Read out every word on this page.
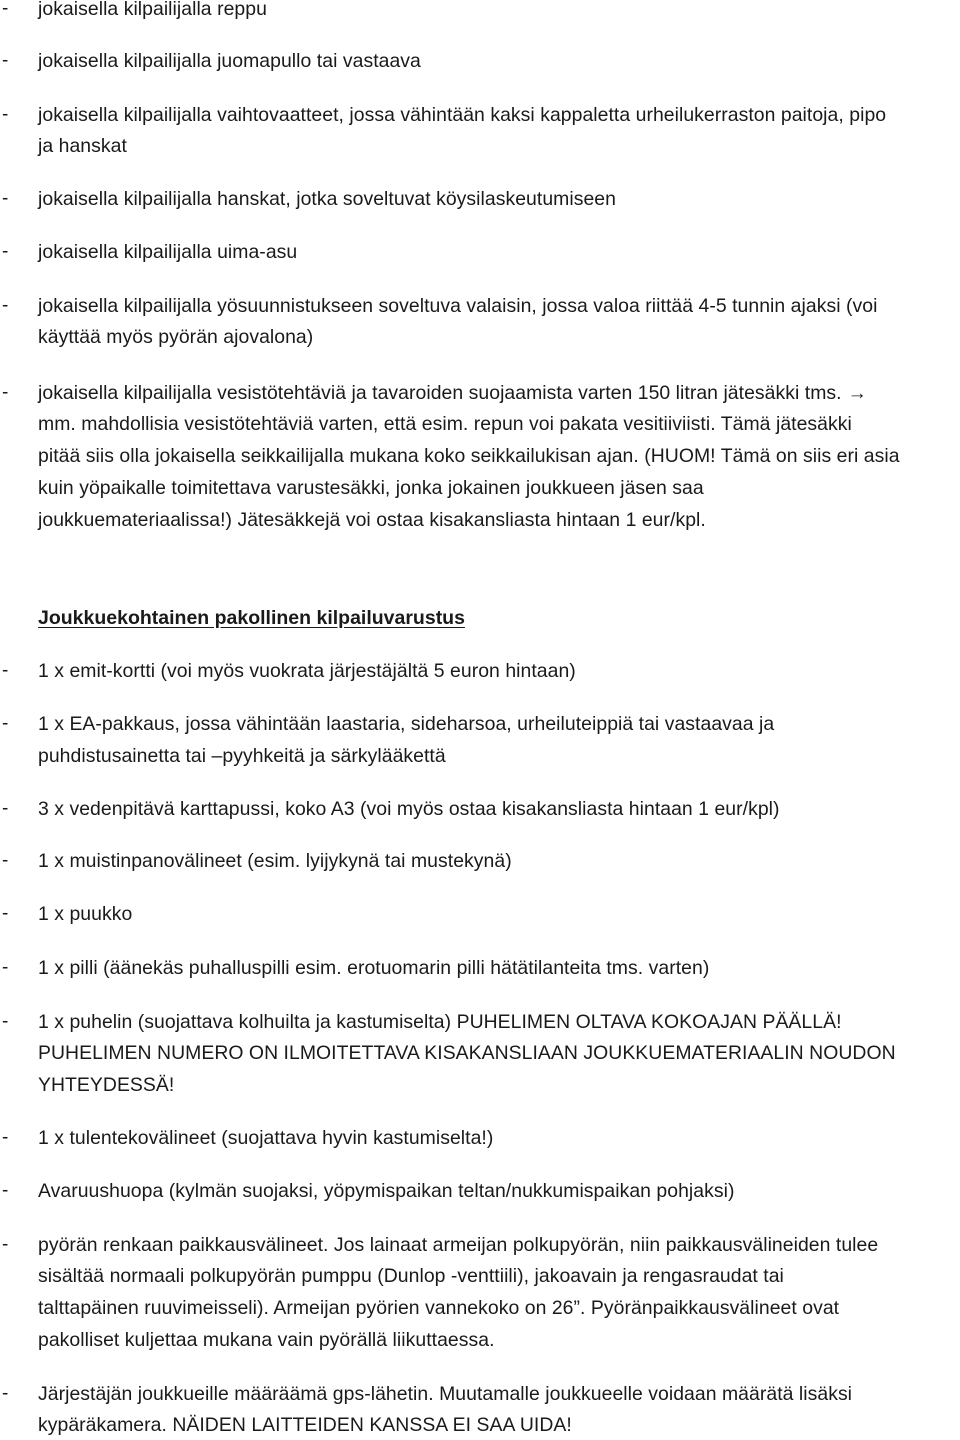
- jokaisella kilpailijalla reppu
- jokaisella kilpailijalla juomapullo tai vastaava
- jokaisella kilpailijalla vaihtovaatteet, jossa vähintään kaksi kappaletta urheilukerraston paitoja, pipo
ja hanskat
- jokaisella kilpailijalla hanskat, jotka soveltuvat köysilaskeutumiseen
- jokaisella kilpailijalla uima-asu
- jokaisella kilpailijalla yösuunnistukseen soveltuva valaisin, jossa valoa riittää 4-5 tunnin ajaksi (voi
käyttää myös pyörän ajovalona)
- jokaisella kilpailijalla vesistötehtäviä ja tavaroiden suojaamista varten 150 litran jätesäkki tms. →
mm. mahdollisia vesistötehtäviä varten, että esim. repun voi pakata vesitiiviisti. Tämä jätesäkki
pitää siis olla jokaisella seikkailijalla mukana koko seikkailukisan ajan. (HUOM! Tämä on siis eri asia
kuin yöpaikalle toimitettava varustesäkki, jonka jokainen joukkueen jäsen saa
joukkuemateriaalissa!) Jätesäkkejä voi ostaa kisakansliasta hintaan 1 eur/kpl.
Joukkuekohtainen pakollinen kilpailuvarustus
- 1 x emit-kortti (voi myös vuokrata järjestäjältä 5 euron hintaan)
- 1 x EA-pakkaus, jossa vähintään laastaria, sideharsoa, urheiluteippiä tai vastaavaa ja
puhdistusainetta tai –pyyhkeitä ja särkylääkettä
- 3 x vedenpitävä karttapussi, koko A3 (voi myös ostaa kisakansliasta hintaan 1 eur/kpl)
- 1 x muistinpanovälineet (esim. lyijykynä tai mustekynä)
- 1 x puukko
- 1 x pilli (äänekäs puhalluspilli esim. erotuomarin pilli hätätilanteita tms. varten)
- 1 x puhelin (suojattava kolhuilta ja kastumiselta) PUHELIMEN OLTAVA KOKOAJAN PÄÄLLÄ!
PUHELIMEN NUMERO ON ILMOITETTAVA KISAKANSLIAAN JOUKKUEMATERIAALIN NOUDON
YHTEYDESSÄ!
- 1 x tulentekovälineet (suojattava hyvin kastumiselta!)
- Avaruushuopa (kylmän suojaksi, yöpymispaikan teltan/nukkumispaikan pohjaksi)
- pyörän renkaan paikkausvälineet. Jos lainaat armeijan polkupyörän, niin paikkausvälineiden tulee
sisältää normaali polkupyörän pumppu (Dunlop -venttiili), jakoavain ja rengasraudat tai
talttapäinen ruuvimeisseli). Armeijan pyörien vannekoko on 26”. Pyöränpaikkausvälineet ovat
pakolliset kuljettaa mukana vain pyörällä liikuttaessa.
- Järjestäjän joukkueille määräämä gps-lähetin. Muutamalle joukkueelle voidaan määrätä lisäksi
kypäräkamera. NÄIDEN LAITTEIDEN KANSSA EI SAA UIDA!
